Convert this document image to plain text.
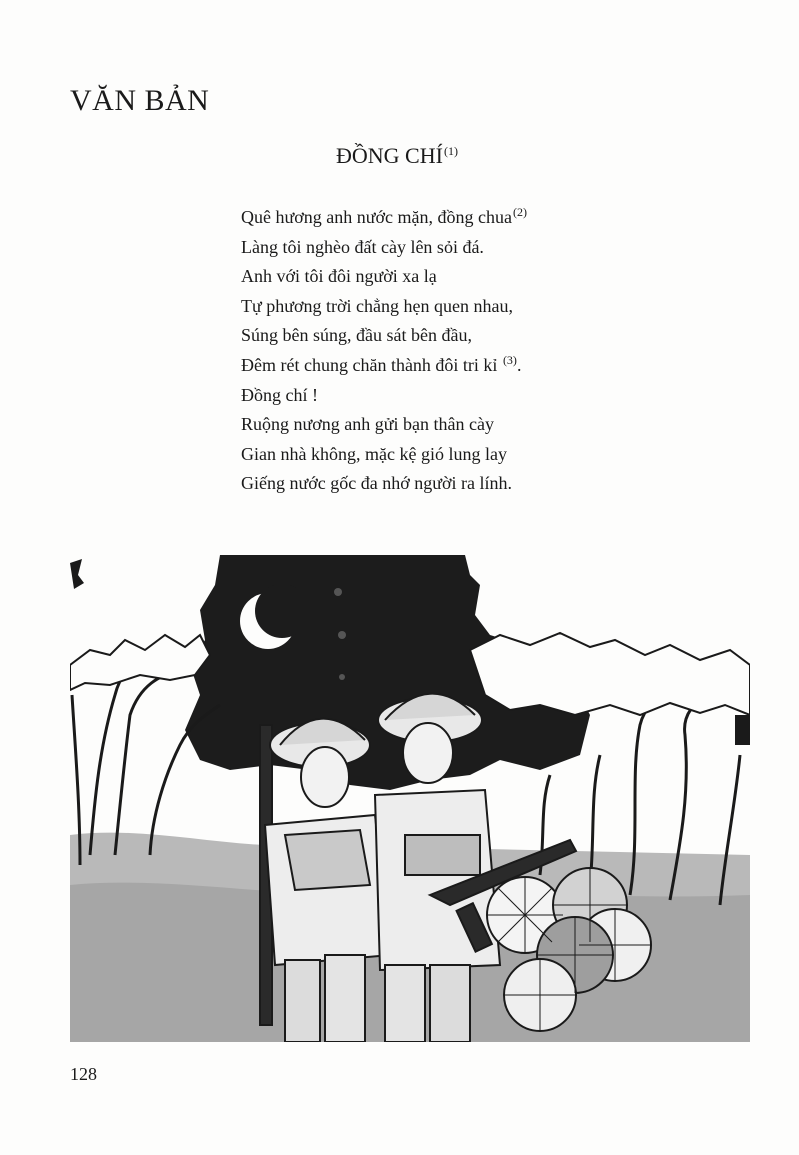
VĂN BẢN
ĐỒNG CHÍ$^{(1)}$
Quê hương anh nước mặn, đồng chua$^{(2)}$
Làng tôi nghèo đất cày lên sỏi đá.
Anh với tôi đôi người xa lạ
Tự phương trời chẳng hẹn quen nhau,
Súng bên súng, đầu sát bên đầu,
Đêm rét chung chăn thành đôi tri kỉ $^{(3)}$.
Đồng chí !
Ruộng nương anh gửi bạn thân cày
Gian nhà không, mặc kệ gió lung lay
Giếng nước gốc đa nhớ người ra lính.
128
